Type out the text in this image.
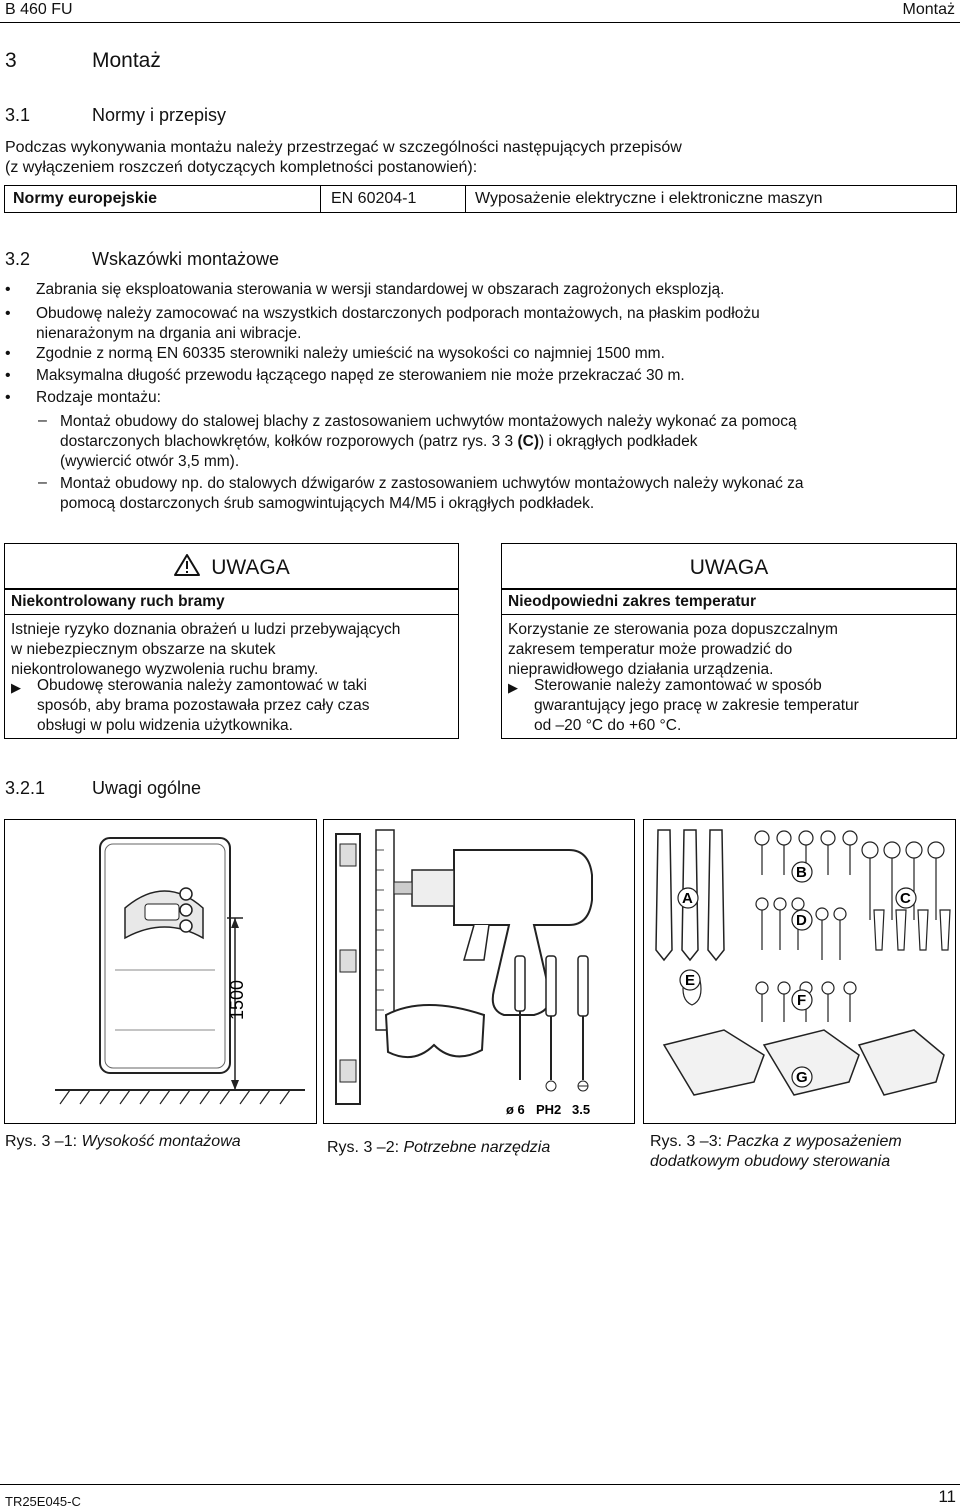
B 460 FU	Montaż
3	Montaż
3.1	Normy i przepisy
Podczas wykonywania montażu należy przestrzegać w szczególności następujących przepisów
(z wyłączeniem roszczeń dotyczących kompletności postanowień):
Normy europejskie	EN 60204-1	Wyposażenie elektryczne i elektroniczne maszyn
3.2	Wskazówki montażowe
• Zabrania się eksploatowania sterowania w wersji standardowej w obszarach zagrożonych eksplozją.
• Obudowę należy zamocować na wszystkich dostarczonych podporach montażowych, na płaskim podłożu
nienarażonym na drgania ani wibracje.
• Zgodnie z normą EN 60335 sterowniki należy umieścić na wysokości co najmniej 1500 mm.
• Maksymalna długość przewodu łączącego napęd ze sterowaniem nie może przekraczać 30 m.
• Rodzaje montażu:
– Montaż obudowy do stalowej blachy z zastosowaniem uchwytów montażowych należy wykonać za pomocą
dostarczonych blachowkrętów, kołków rozporowych (patrz rys. 3 3 (C)) i okrągłych podkładek
(wywiercić otwór 3,5 mm).
– Montaż obudowy np. do stalowych dźwigarów z zastosowaniem uchwytów montażowych należy wykonać za
pomocą dostarczonych śrub samogwintujących M4/M5 i okrągłych podkładek.
UWAGA
Niekontrolowany ruch bramy
Istnieje ryzyko doznania obrażeń u ludzi przebywających
w niebezpiecznym obszarze na skutek
niekontrolowanego wyzwolenia ruchu bramy.
▶ Obudowę sterowania należy zamontować w taki
sposób, aby brama pozostawała przez cały czas
obsługi w polu widzenia użytkownika.
UWAGA
Nieodpowiedni zakres temperatur
Korzystanie ze sterowania poza dopuszczalnym
zakresem temperatur może prowadzić do
nieprawidłowego działania urządzenia.
▶ Sterowanie należy zamontować w sposób
gwarantujący jego pracę w zakresie temperatur
od –20 °C do +60 °C.
3.2.1	Uwagi ogólne
1500
ø 6 PH2 3.5
A
B
C
D
E
F
G
Rys. 3 –1: Wysokość montażowa	Rys. 3 –2: Potrzebne narzędzia	Rys. 3 –3: Paczka z wyposażeniem
dodatkowym obudowy sterowania
TR25E045-C	11
